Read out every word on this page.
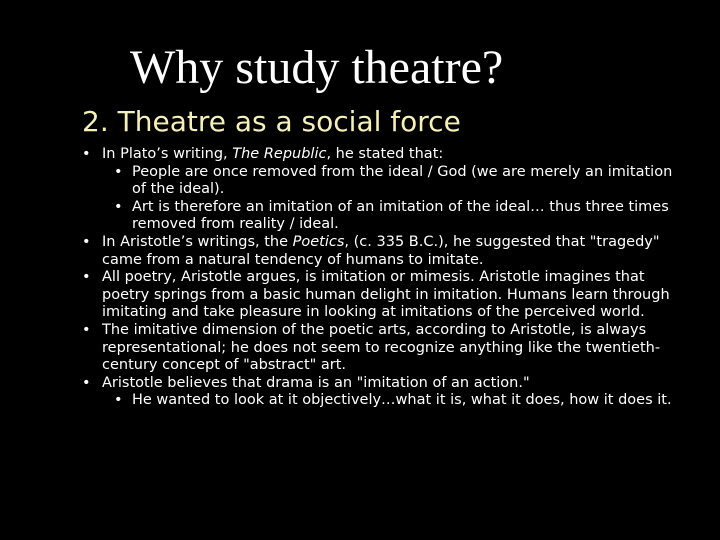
Why study theatre?
2. Theatre as a social force

• In Plato’s writing, The Republic, he stated that:

• People are once removed from the ideal / God (we are merely an imitation of the ideal).

• Art is therefore an imitation of an imitation of the ideal… thus three times removed from reality / ideal.

• In Aristotle’s writings, the Poetics, (c. 335 B.C.), he suggested that "tragedy" came from a natural tendency of humans to imitate.

• All poetry, Aristotle argues, is imitation or mimesis. Aristotle imagines that poetry springs from a basic human delight in imitation. Humans learn through imitating and take pleasure in looking at imitations of the perceived world.

• The imitative dimension of the poetic arts, according to Aristotle, is always representational; he does not seem to recognize anything like the twentieth-century concept of "abstract" art.

• Aristotle believes that drama is an "imitation of an action."

• He wanted to look at it objectively…what it is, what it does, how it does it.
